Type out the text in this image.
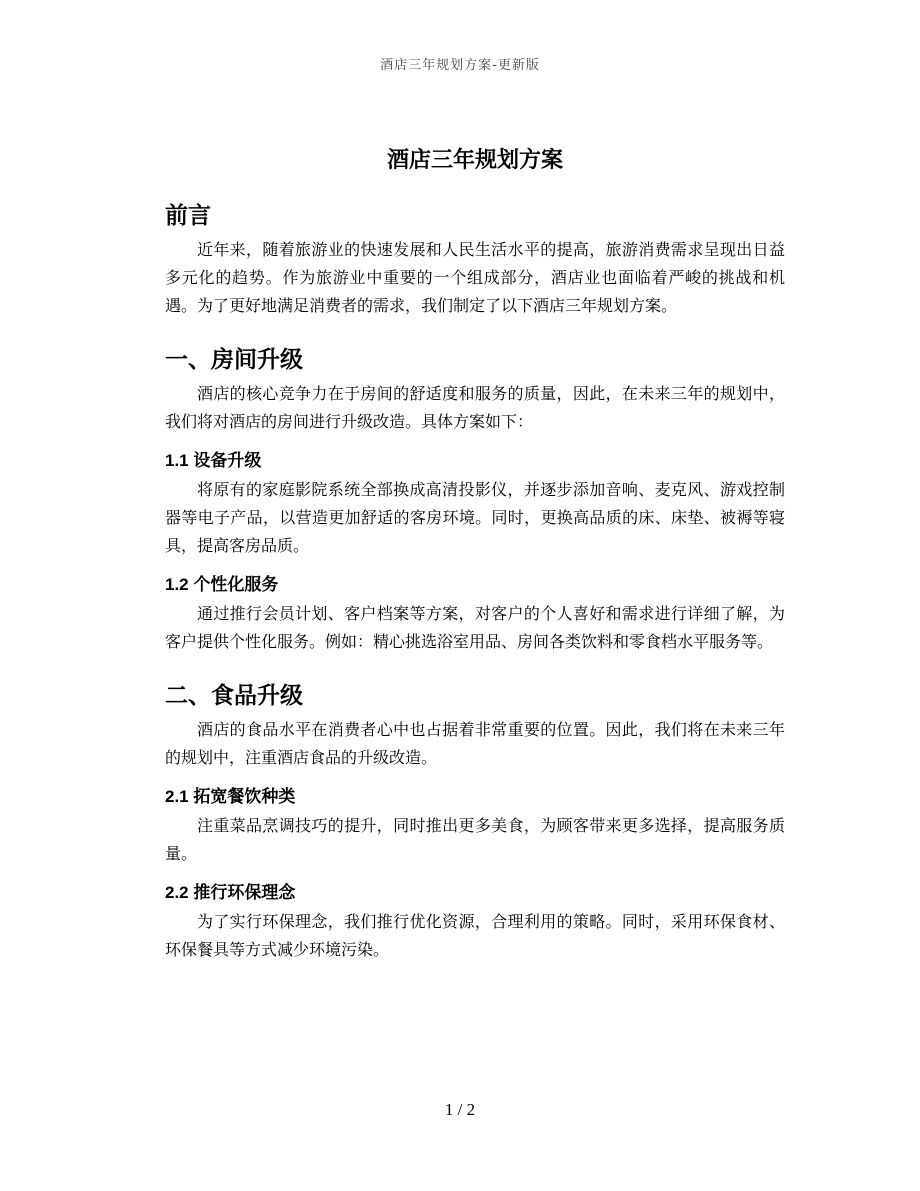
酒店三年规划方案-更新版
酒店三年规划方案
前言

近年来，随着旅游业的快速发展和人民生活水平的提高，旅游消费需求呈现出日益多元化的趋势。作为旅游业中重要的一个组成部分，酒店业也面临着严峻的挑战和机遇。为了更好地满足消费者的需求，我们制定了以下酒店三年规划方案。

一、房间升级

酒店的核心竞争力在于房间的舒适度和服务的质量，因此，在未来三年的规划中，我们将对酒店的房间进行升级改造。具体方案如下：

1.1 设备升级

将原有的家庭影院系统全部换成高清投影仪，并逐步添加音响、麦克风、游戏控制器等电子产品，以营造更加舒适的客房环境。同时，更换高品质的床、床垫、被褥等寝具，提高客房品质。

1.2 个性化服务

通过推行会员计划、客户档案等方案，对客户的个人喜好和需求进行详细了解，为客户提供个性化服务。例如：精心挑选浴室用品、房间各类饮料和零食档水平服务等。

二、食品升级

酒店的食品水平在消费者心中也占据着非常重要的位置。因此，我们将在未来三年的规划中，注重酒店食品的升级改造。

2.1 拓宽餐饮种类

注重菜品烹调技巧的提升，同时推出更多美食，为顾客带来更多选择，提高服务质量。

2.2 推行环保理念

为了实行环保理念，我们推行优化资源，合理利用的策略。同时，采用环保食材、环保餐具等方式减少环境污染。

1 / 2
